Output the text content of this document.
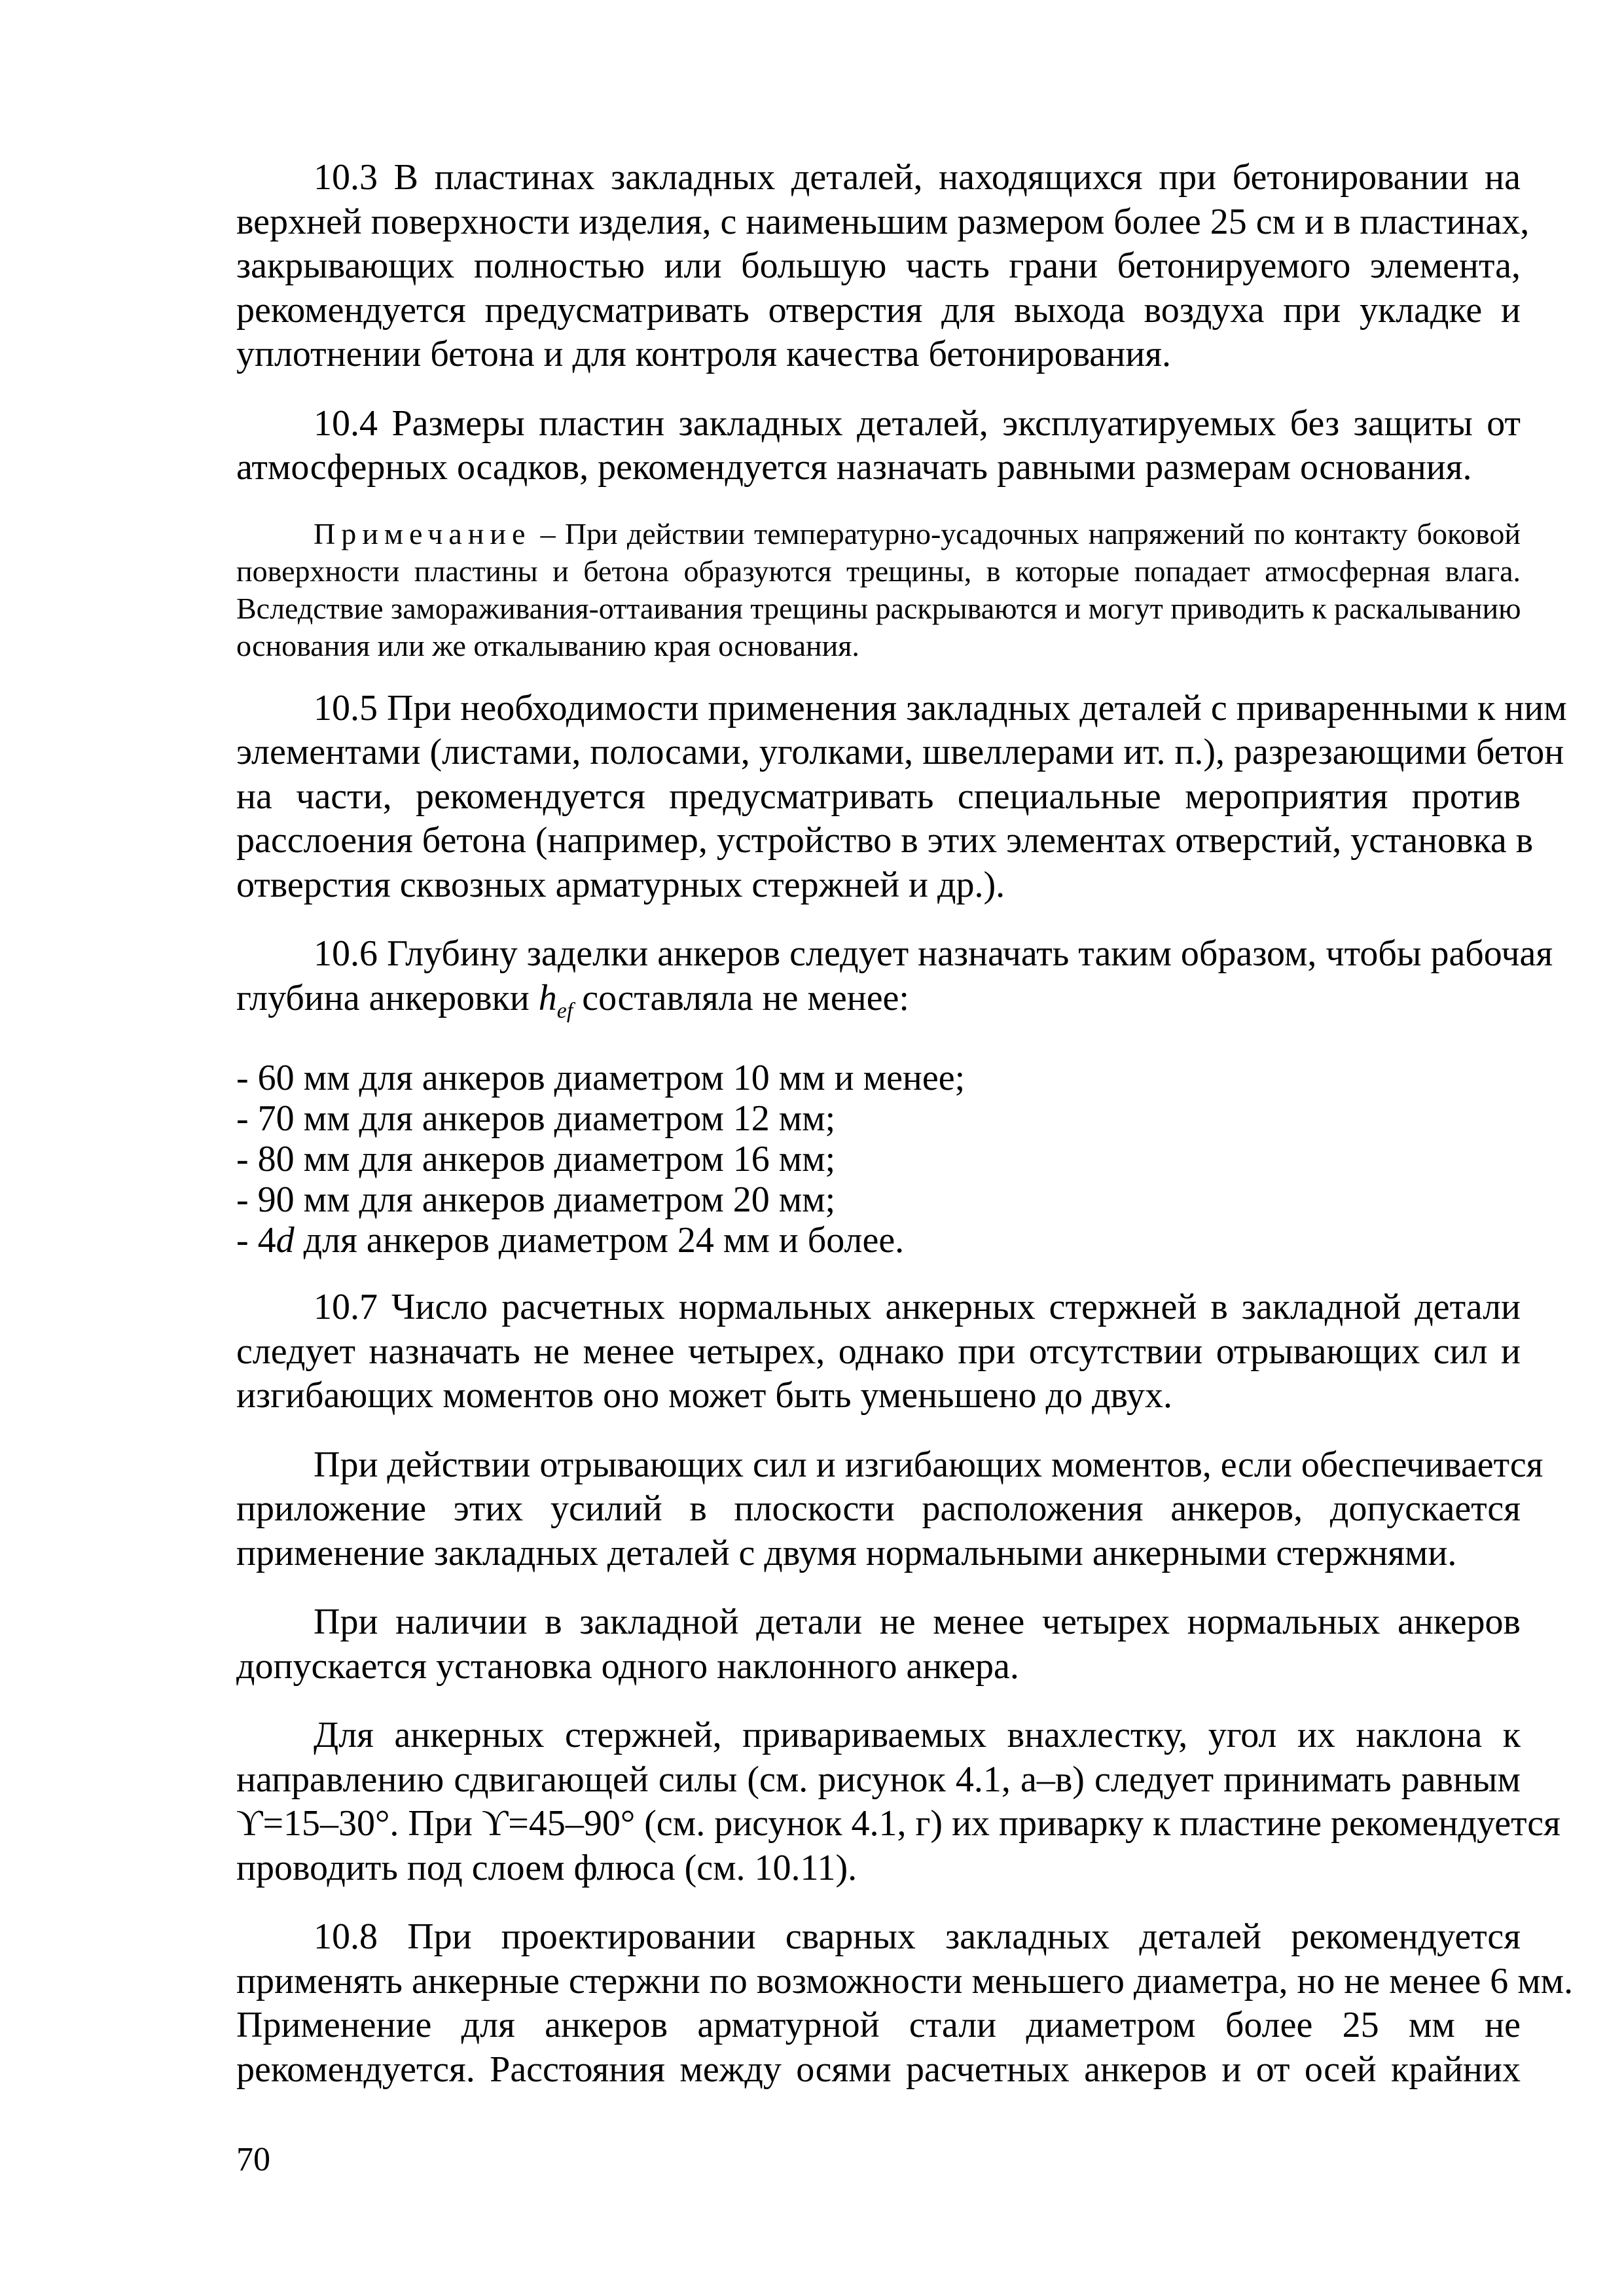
10.3 В пластинах закладных деталей, находящихся при бетонировании на
верхней поверхности изделия, с наименьшим размером более 25 см и в пластинах,
закрывающих полностью или большую часть грани бетонируемого элемента,
рекомендуется предусматривать отверстия для выхода воздуха при укладке и
уплотнении бетона и для контроля качества бетонирования.
10.4 Размеры пластин закладных деталей, эксплуатируемых без защиты от
атмосферных осадков, рекомендуется назначать равными размерам основания.
Примечание – При действии температурно-усадочных напряжений по контакту боковой
поверхности пластины и бетона образуются трещины, в которые попадает атмосферная влага.
Вследствие замораживания-оттаивания трещины раскрываются и могут приводить к раскалыванию
основания или же откалыванию края основания.
10.5 При необходимости применения закладных деталей с приваренными к ним
элементами (листами, полосами, уголками, швеллерами ит. п.), разрезающими бетон
на части, рекомендуется предусматривать специальные мероприятия против
расслоения бетона (например, устройство в этих элементах отверстий, установка в
отверстия сквозных арматурных стержней и др.).
10.6 Глубину заделки анкеров следует назначать таким образом, чтобы рабочая
глубина анкеровки $h_{ef}$ составляла не менее:
- 60 мм для анкеров диаметром 10 мм и менее;
- 70 мм для анкеров диаметром 12 мм;
- 80 мм для анкеров диаметром 16 мм;
- 90 мм для анкеров диаметром 20 мм;
- 4d для анкеров диаметром 24 мм и более.
10.7 Число расчетных нормальных анкерных стержней в закладной детали
следует назначать не менее четырех, однако при отсутствии отрывающих сил и
изгибающих моментов оно может быть уменьшено до двух.
При действии отрывающих сил и изгибающих моментов, если обеспечивается
приложение этих усилий в плоскости расположения анкеров, допускается
применение закладных деталей с двумя нормальными анкерными стержнями.
При наличии в закладной детали не менее четырех нормальных анкеров
допускается установка одного наклонного анкера.
Для анкерных стержней, привариваемых внахлестку, угол их наклона к
направлению сдвигающей силы (см. рисунок 4.1, а–в) следует принимать равным
ϒ=15–30°. При ϒ=45–90° (см. рисунок 4.1, г) их приварку к пластине рекомендуется
проводить под слоем флюса (см. 10.11).
10.8 При проектировании сварных закладных деталей рекомендуется
применять анкерные стержни по возможности меньшего диаметра, но не менее 6 мм.
Применение для анкеров арматурной стали диаметром более 25 мм не
рекомендуется. Расстояния между осями расчетных анкеров и от осей крайних
70
